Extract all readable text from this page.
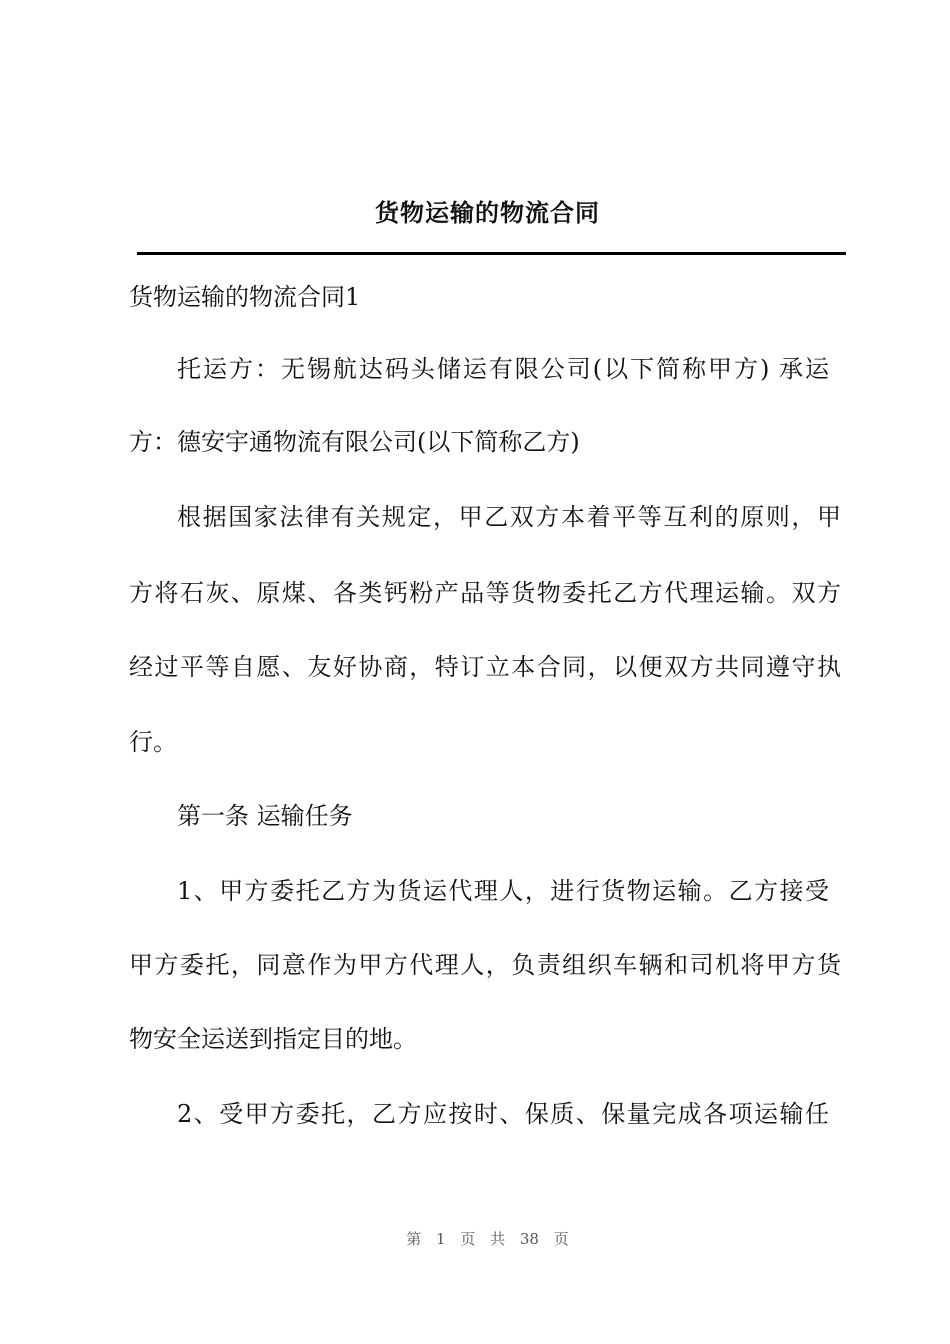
货物运输的物流合同

货物运输的物流合同1

托运方：无锡航达码头储运有限公司(以下简称甲方) 承运

方：德安宇通物流有限公司(以下简称乙方)

根据国家法律有关规定，甲乙双方本着平等互利的原则，甲

方将石灰、原煤、各类钙粉产品等货物委托乙方代理运输。双方

经过平等自愿、友好协商，特订立本合同，以便双方共同遵守执

行。

第一条 运输任务

1、甲方委托乙方为货运代理人，进行货物运输。乙方接受

甲方委托，同意作为甲方代理人，负责组织车辆和司机将甲方货

物安全运送到指定目的地。

2、受甲方委托，乙方应按时、保质、保量完成各项运输任

第 1 页 共 38 页
